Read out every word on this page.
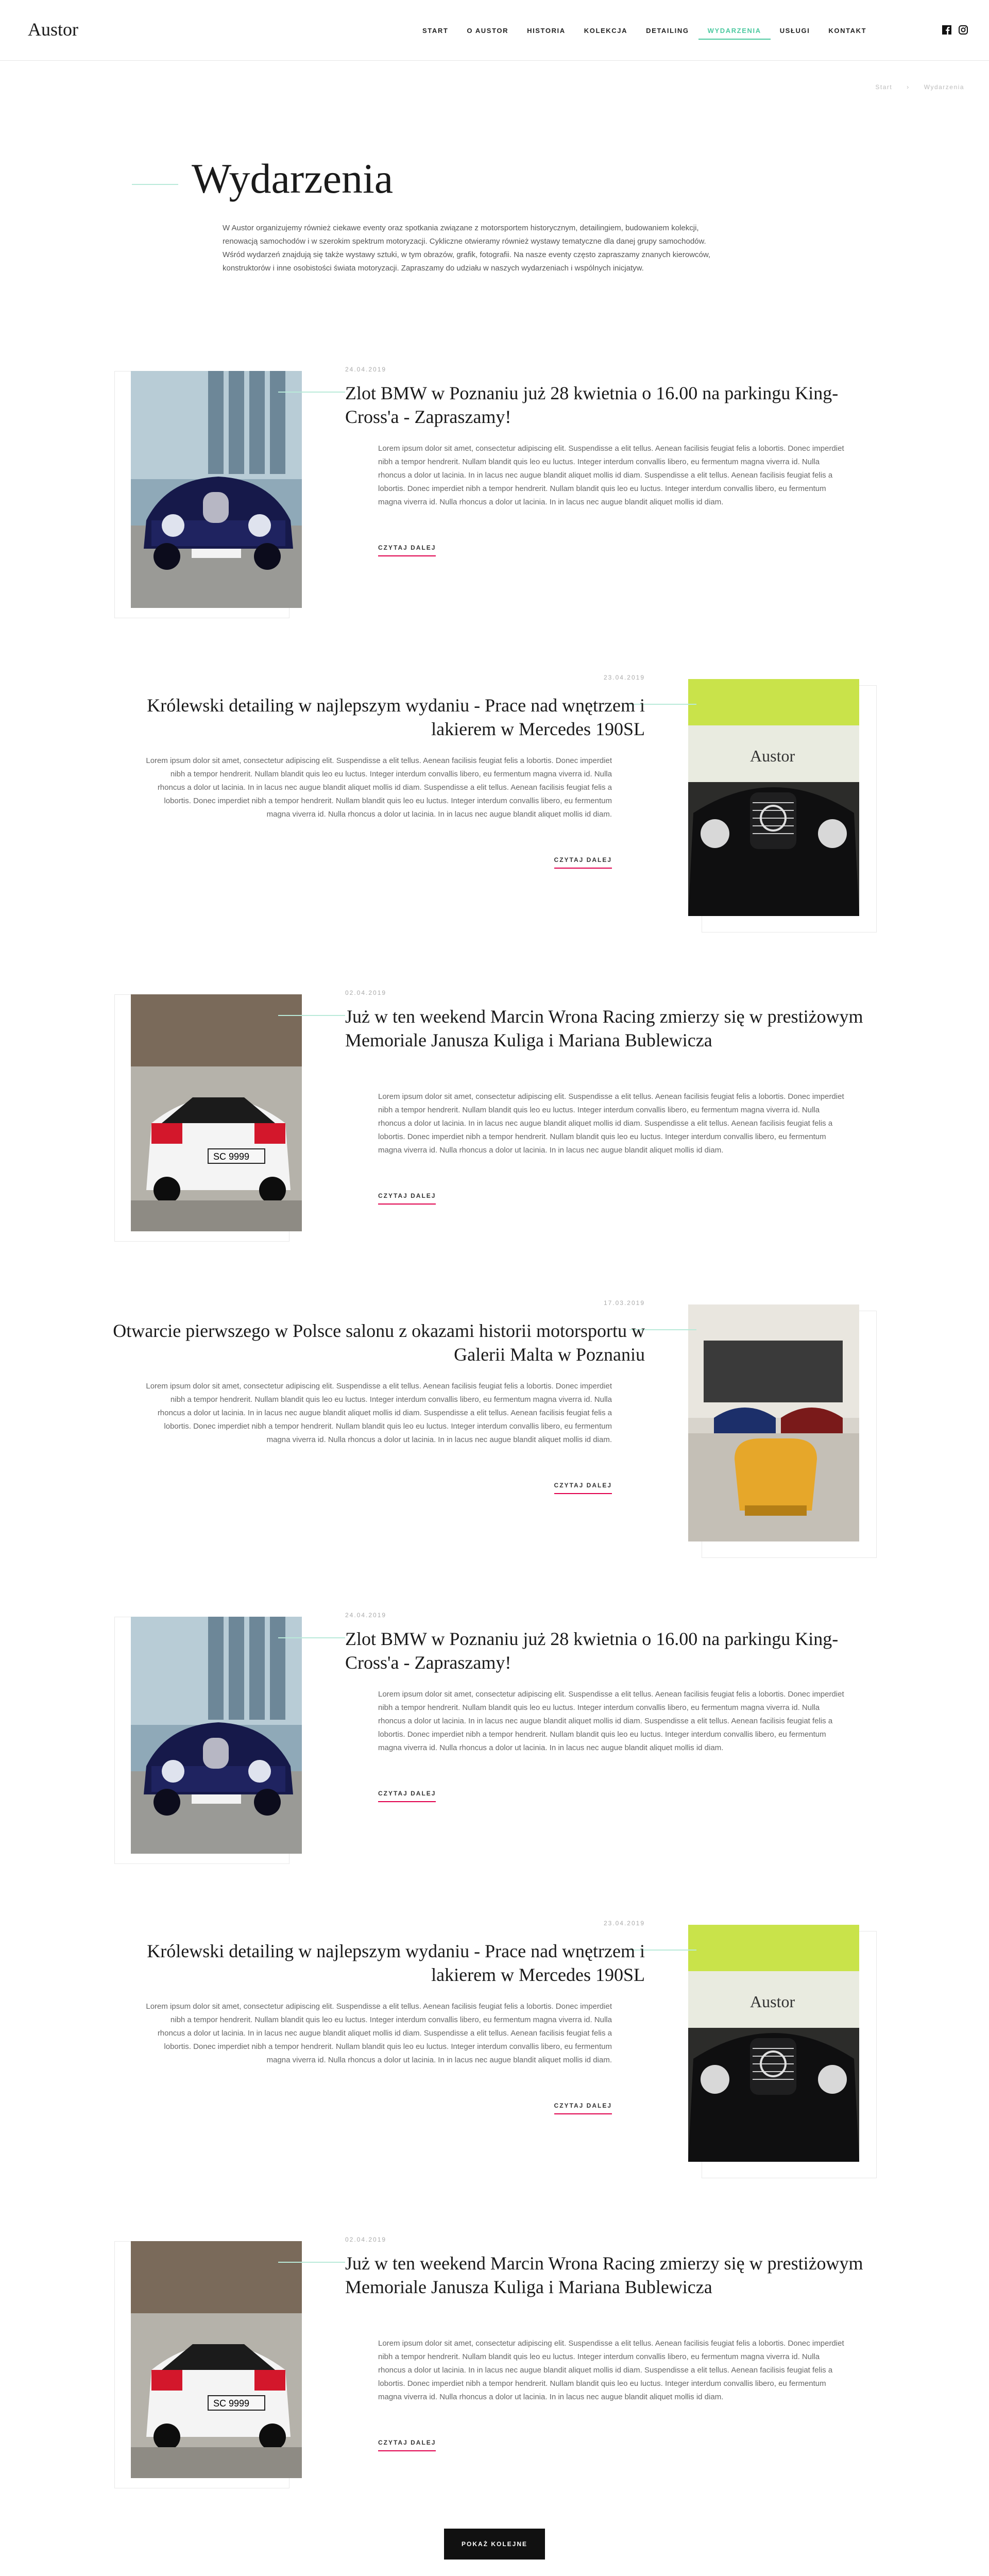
Austor	START	O AUSTOR	HISTORIA	KOLEKCJA	DETAILING	WYDARZENIA	USŁUGI	KONTAKT
Start › Wydarzenia
Wydarzenia

W Austor organizujemy również ciekawe eventy oraz spotkania związane z motorsportem historycznym, detailingiem, budowaniem kolekcji, renowacją samochodów i w szerokim spektrum motoryzacji. Cykliczne otwieramy również wystawy tematyczne dla danej grupy samochodów. Wśród wydarzeń znajdują się także wystawy sztuki, w tym obrazów, grafik, fotografii. Na nasze eventy często zapraszamy znanych kierowców, konstruktorów i inne osobistości świata motoryzacji. Zapraszamy do udziału w naszych wydarzeniach i wspólnych inicjatyw.

24.04.2019
Zlot BMW w Poznaniu już 28 kwietnia o 16.00 na parkingu King-Cross'a - Zapraszamy!

Lorem ipsum dolor sit amet, consectetur adipiscing elit. Suspendisse a elit tellus. Aenean facilisis feugiat felis a lobortis. Donec imperdiet nibh a tempor hendrerit. Nullam blandit quis leo eu luctus. Integer interdum convallis libero, eu fermentum magna viverra id. Nulla rhoncus a dolor ut lacinia. In in lacus nec augue blandit aliquet mollis id diam. Suspendisse a elit tellus. Aenean facilisis feugiat felis a lobortis. Donec imperdiet nibh a tempor hendrerit. Nullam blandit quis leo eu luctus. Integer interdum convallis libero, eu fermentum magna viverra id. Nulla rhoncus a dolor ut lacinia. In in lacus nec augue blandit aliquet mollis id diam.

CZYTAJ DALEJ
Austor
23.04.2019
Królewski detailing w najlepszym wydaniu - Prace nad wnętrzem i lakierem w Mercedes 190SL

Lorem ipsum dolor sit amet, consectetur adipiscing elit. Suspendisse a elit tellus. Aenean facilisis feugiat felis a lobortis. Donec imperdiet nibh a tempor hendrerit. Nullam blandit quis leo eu luctus. Integer interdum convallis libero, eu fermentum magna viverra id. Nulla rhoncus a dolor ut lacinia. In in lacus nec augue blandit aliquet mollis id diam. Suspendisse a elit tellus. Aenean facilisis feugiat felis a lobortis. Donec imperdiet nibh a tempor hendrerit. Nullam blandit quis leo eu luctus. Integer interdum convallis libero, eu fermentum magna viverra id. Nulla rhoncus a dolor ut lacinia. In in lacus nec augue blandit aliquet mollis id diam.

CZYTAJ DALEJ
SC 9999
02.04.2019
Już w ten weekend Marcin Wrona Racing zmierzy się w prestiżowym Memoriale Janusza Kuliga i Mariana Bublewicza

Lorem ipsum dolor sit amet, consectetur adipiscing elit. Suspendisse a elit tellus. Aenean facilisis feugiat felis a lobortis. Donec imperdiet nibh a tempor hendrerit. Nullam blandit quis leo eu luctus. Integer interdum convallis libero, eu fermentum magna viverra id. Nulla rhoncus a dolor ut lacinia. In in lacus nec augue blandit aliquet mollis id diam. Suspendisse a elit tellus. Aenean facilisis feugiat felis a lobortis. Donec imperdiet nibh a tempor hendrerit. Nullam blandit quis leo eu luctus. Integer interdum convallis libero, eu fermentum magna viverra id. Nulla rhoncus a dolor ut lacinia. In in lacus nec augue blandit aliquet mollis id diam.

CZYTAJ DALEJ
17.03.2019
Otwarcie pierwszego w Polsce salonu z okazami historii motorsportu w Galerii Malta w Poznaniu

Lorem ipsum dolor sit amet, consectetur adipiscing elit. Suspendisse a elit tellus. Aenean facilisis feugiat felis a lobortis. Donec imperdiet nibh a tempor hendrerit. Nullam blandit quis leo eu luctus. Integer interdum convallis libero, eu fermentum magna viverra id. Nulla rhoncus a dolor ut lacinia. In in lacus nec augue blandit aliquet mollis id diam. Suspendisse a elit tellus. Aenean facilisis feugiat felis a lobortis. Donec imperdiet nibh a tempor hendrerit. Nullam blandit quis leo eu luctus. Integer interdum convallis libero, eu fermentum magna viverra id. Nulla rhoncus a dolor ut lacinia. In in lacus nec augue blandit aliquet mollis id diam.

CZYTAJ DALEJ
24.04.2019
Zlot BMW w Poznaniu już 28 kwietnia o 16.00 na parkingu King-Cross'a - Zapraszamy!

Lorem ipsum dolor sit amet, consectetur adipiscing elit. Suspendisse a elit tellus. Aenean facilisis feugiat felis a lobortis. Donec imperdiet nibh a tempor hendrerit. Nullam blandit quis leo eu luctus. Integer interdum convallis libero, eu fermentum magna viverra id. Nulla rhoncus a dolor ut lacinia. In in lacus nec augue blandit aliquet mollis id diam. Suspendisse a elit tellus. Aenean facilisis feugiat felis a lobortis. Donec imperdiet nibh a tempor hendrerit. Nullam blandit quis leo eu luctus. Integer interdum convallis libero, eu fermentum magna viverra id. Nulla rhoncus a dolor ut lacinia. In in lacus nec augue blandit aliquet mollis id diam.

CZYTAJ DALEJ
Austor
23.04.2019
Królewski detailing w najlepszym wydaniu - Prace nad wnętrzem i lakierem w Mercedes 190SL

Lorem ipsum dolor sit amet, consectetur adipiscing elit. Suspendisse a elit tellus. Aenean facilisis feugiat felis a lobortis. Donec imperdiet nibh a tempor hendrerit. Nullam blandit quis leo eu luctus. Integer interdum convallis libero, eu fermentum magna viverra id. Nulla rhoncus a dolor ut lacinia. In in lacus nec augue blandit aliquet mollis id diam. Suspendisse a elit tellus. Aenean facilisis feugiat felis a lobortis. Donec imperdiet nibh a tempor hendrerit. Nullam blandit quis leo eu luctus. Integer interdum convallis libero, eu fermentum magna viverra id. Nulla rhoncus a dolor ut lacinia. In in lacus nec augue blandit aliquet mollis id diam.

CZYTAJ DALEJ
SC 9999
02.04.2019
Już w ten weekend Marcin Wrona Racing zmierzy się w prestiżowym Memoriale Janusza Kuliga i Mariana Bublewicza

Lorem ipsum dolor sit amet, consectetur adipiscing elit. Suspendisse a elit tellus. Aenean facilisis feugiat felis a lobortis. Donec imperdiet nibh a tempor hendrerit. Nullam blandit quis leo eu luctus. Integer interdum convallis libero, eu fermentum magna viverra id. Nulla rhoncus a dolor ut lacinia. In in lacus nec augue blandit aliquet mollis id diam. Suspendisse a elit tellus. Aenean facilisis feugiat felis a lobortis. Donec imperdiet nibh a tempor hendrerit. Nullam blandit quis leo eu luctus. Integer interdum convallis libero, eu fermentum magna viverra id. Nulla rhoncus a dolor ut lacinia. In in lacus nec augue blandit aliquet mollis id diam.

CZYTAJ DALEJ
POKAŻ KOLEJNE
